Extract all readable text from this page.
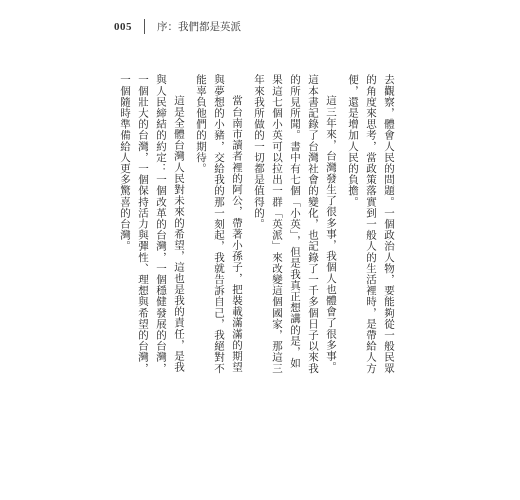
005 序：我們都是英派

去觀察，體會人民的問題。一個政治人物，要能夠從一般民眾的角度來思考，當政策落實到一般人的生活裡時，是帶給人方便，還是增加人民的負擔。

這三年來，台灣發生了很多事，我個人也體會了很多事。這本書記錄了台灣社會的變化，也記錄了一千多個日子以來我的所見所聞。書中有七個「小英」，但是我真正想講的是，如果這七個小英可以拉出一群「英派」來改變這個國家，那這三年來我所做的一切都是值得的。

當台南市讀者裡的阿公，帶著小孫子，把裝載滿滿的期望與夢想的小豬，交給我的那一刻起，我就告訴自己，我絕對不能辜負他們的期待。

這是全體台灣人民對未來的希望，這也是我的責任，是我與人民締結的約定：一個改革的台灣，一個穩健發展的台灣，一個壯大的台灣，一個保持活力與彈性、理想與希望的台灣，一個隨時準備給人更多驚喜的台灣。
